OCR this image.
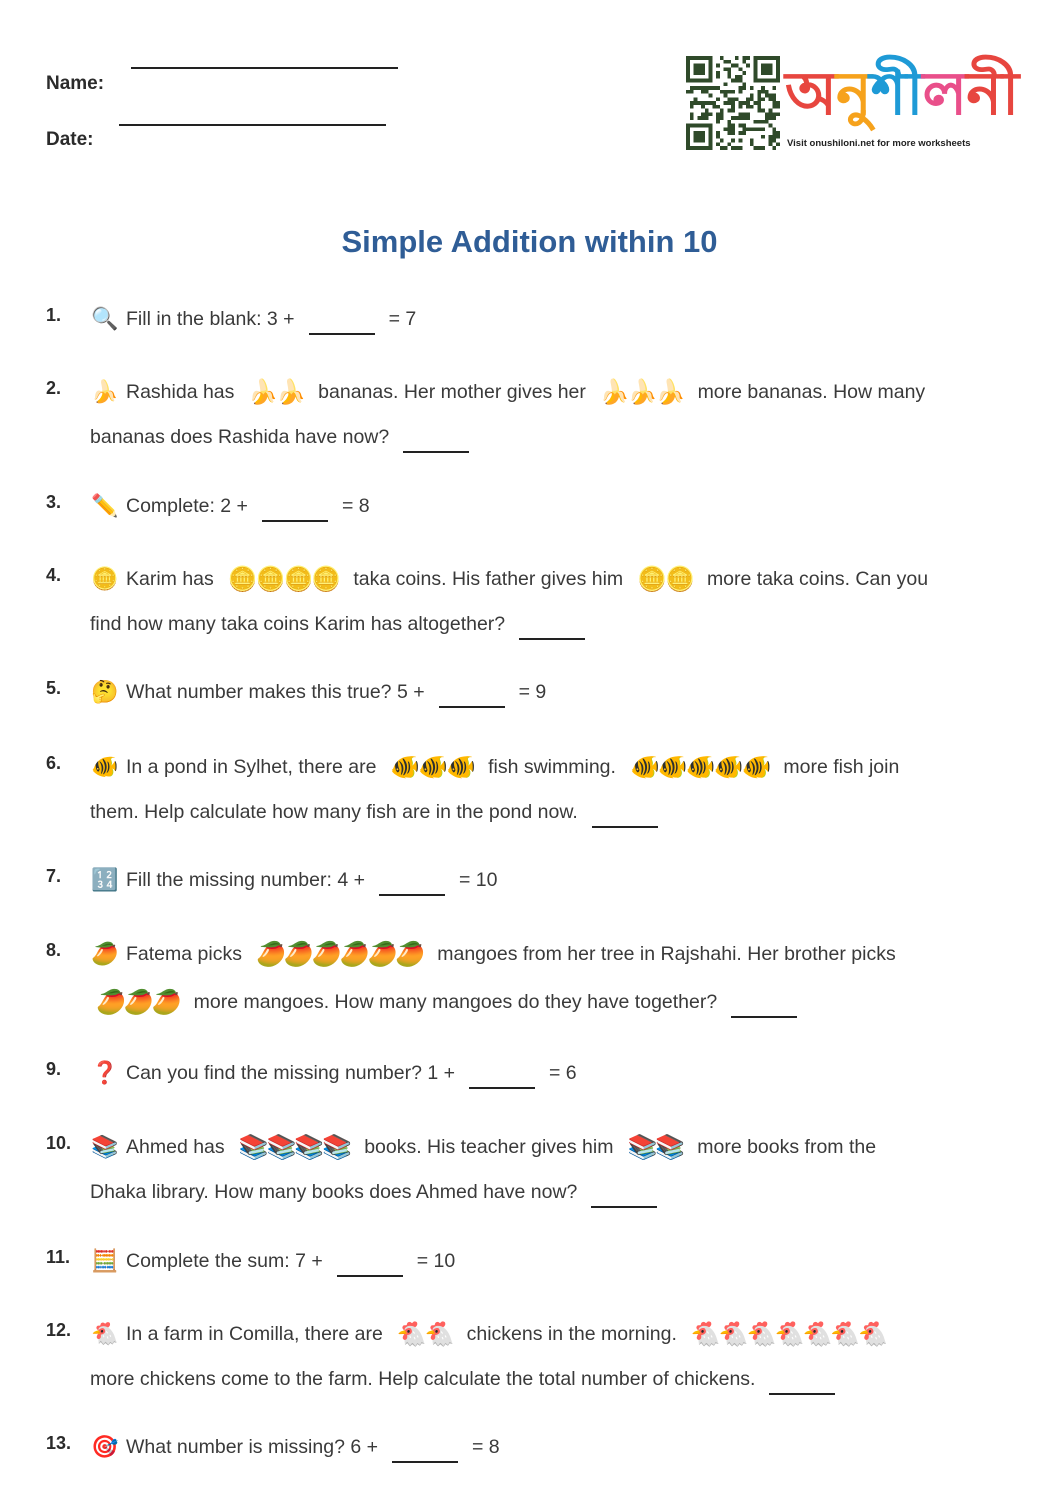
Name:
Date:
অনশলন
Visit onushiloni.net for more worksheets
Simple Addition within 10
1. 🔍 Fill in the blank: 3 +	= 7
2. 🍌 Rashida has 🍌🍌 bananas. Her mother gives her 🍌🍌🍌 more bananas. How many
bananas does Rashida have now?
3. ✏️ Complete: 2 +	= 8
4. 🪙 Karim has 🪙🪙🪙🪙 taka coins. His father gives him 🪙🪙 more taka coins. Can you
find how many taka coins Karim has altogether?
5. 🤔 What number makes this true? 5 +	= 9
6. 🐠 In a pond in Sylhet, there are 🐠🐠🐠 fish swimming. 🐠🐠🐠🐠🐠 more fish join
them. Help calculate how many fish are in the pond now.
7. 🔢 Fill the missing number: 4 +	= 10
8. 🥭 Fatema picks 🥭🥭🥭🥭🥭🥭 mangoes from her tree in Rajshahi. Her brother picks
🥭🥭🥭 more mangoes. How many mangoes do they have together?
9. ❓ Can you find the missing number? 1 +	= 6
10. 📚 Ahmed has 📚📚📚📚 books. His teacher gives him 📚📚 more books from the
Dhaka library. How many books does Ahmed have now?
11. 🧮 Complete the sum: 7 +	= 10
12. 🐔 In a farm in Comilla, there are 🐔🐔 chickens in the morning. 🐔🐔🐔🐔🐔🐔🐔
more chickens come to the farm. Help calculate the total number of chickens.
13. 🎯 What number is missing? 6 +	= 8
